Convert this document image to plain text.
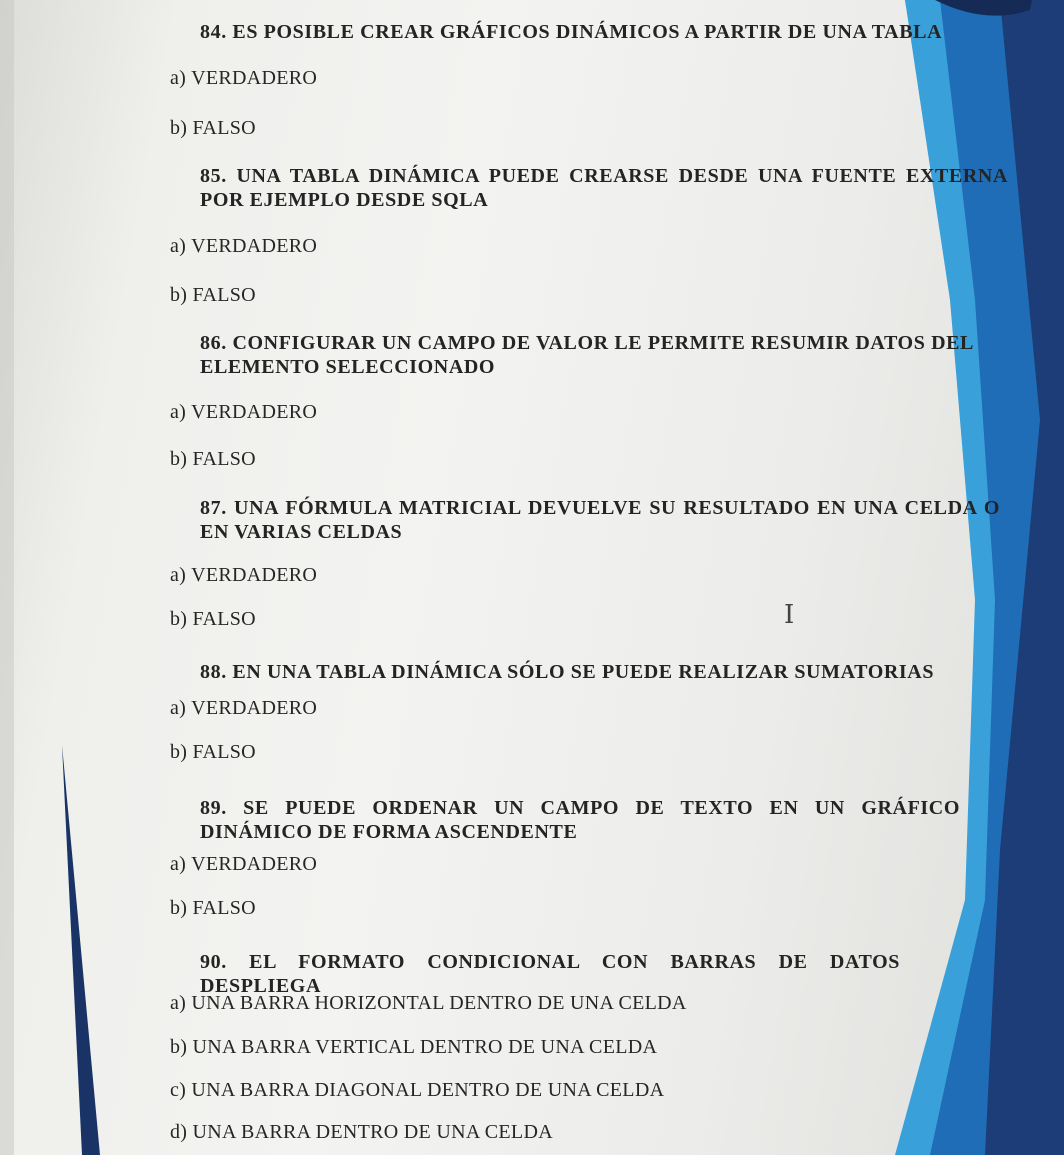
84. ES POSIBLE CREAR GRÁFICOS DINÁMICOS A PARTIR DE UNA TABLA

a) VERDADERO

b) FALSO

85. UNA TABLA DINÁMICA PUEDE CREARSE DESDE UNA FUENTE EXTERNA POR EJEMPLO DESDE SQLA

a) VERDADERO

b) FALSO

86. CONFIGURAR UN CAMPO DE VALOR LE PERMITE RESUMIR DATOS DEL ELEMENTO SELECCIONADO

a) VERDADERO

b) FALSO

87. UNA FÓRMULA MATRICIAL DEVUELVE SU RESULTADO EN UNA CELDA O EN VARIAS CELDAS

a) VERDADERO

b) FALSO

88. EN UNA TABLA DINÁMICA SÓLO SE PUEDE REALIZAR SUMATORIAS

a) VERDADERO

b) FALSO

89. SE PUEDE ORDENAR UN CAMPO DE TEXTO EN UN GRÁFICO DINÁMICO DE FORMA ASCENDENTE

a) VERDADERO

b) FALSO

90. EL FORMATO CONDICIONAL CON BARRAS DE DATOS DESPLIEGA

a) UNA BARRA HORIZONTAL DENTRO DE UNA CELDA

b) UNA BARRA VERTICAL DENTRO DE UNA CELDA

c) UNA BARRA DIAGONAL DENTRO DE UNA CELDA

d) UNA BARRA DENTRO DE UNA CELDA

I
